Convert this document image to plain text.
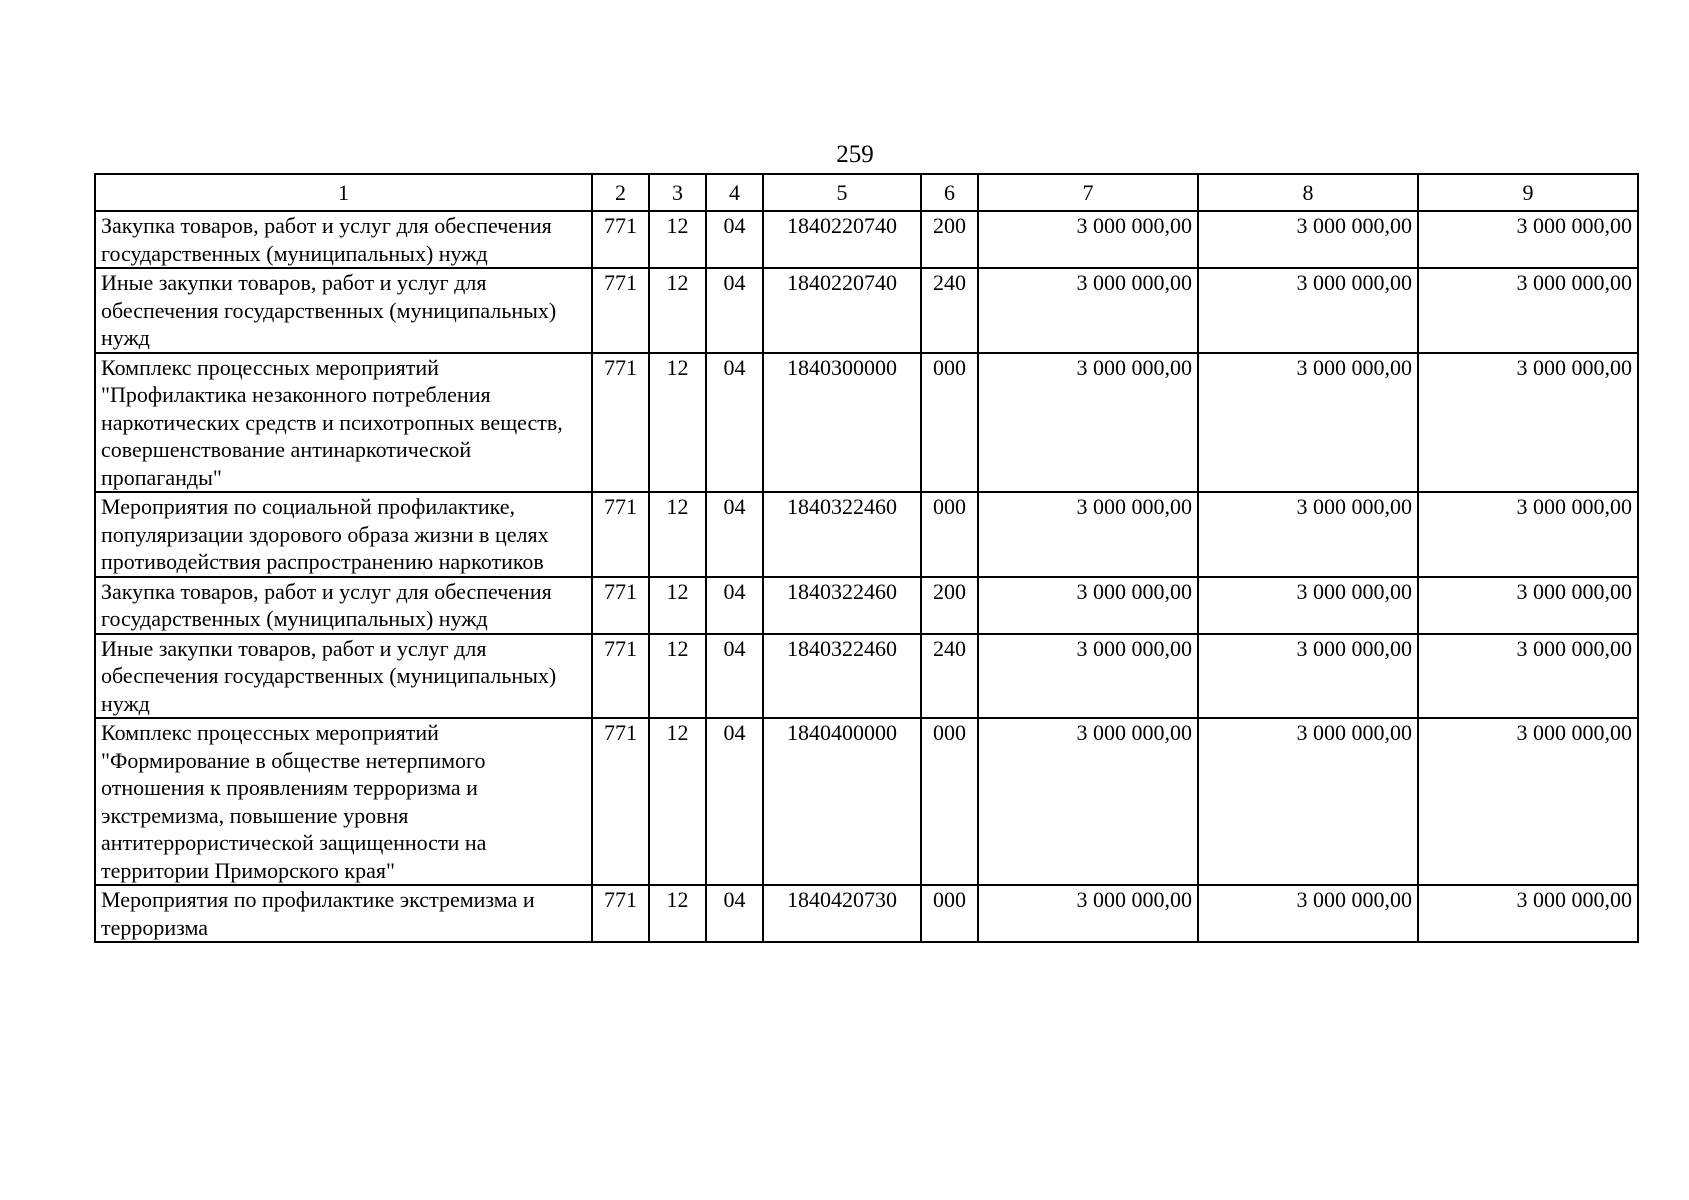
259
1	2	3	4	5	6	7	8	9
Закупка товаров, работ и услуг для обеспечения государственных (муниципальных) нужд	771	12	04	1840220740	200	3 000 000,00	3 000 000,00	3 000 000,00
Иные закупки товаров, работ и услуг для обеспечения государственных (муниципальных) нужд	771	12	04	1840220740	240	3 000 000,00	3 000 000,00	3 000 000,00
Комплекс процессных мероприятий "Профилактика незаконного потребления наркотических средств и психотропных веществ, совершенствование антинаркотической пропаганды"	771	12	04	1840300000	000	3 000 000,00	3 000 000,00	3 000 000,00
Мероприятия по социальной профилактике, популяризации здорового образа жизни в целях противодействия распространению наркотиков	771	12	04	1840322460	000	3 000 000,00	3 000 000,00	3 000 000,00
Закупка товаров, работ и услуг для обеспечения государственных (муниципальных) нужд	771	12	04	1840322460	200	3 000 000,00	3 000 000,00	3 000 000,00
Иные закупки товаров, работ и услуг для обеспечения государственных (муниципальных) нужд	771	12	04	1840322460	240	3 000 000,00	3 000 000,00	3 000 000,00
Комплекс процессных мероприятий "Формирование в обществе нетерпимого отношения к проявлениям терроризма и экстремизма, повышение уровня антитеррористической защищенности на территории Приморского края"	771	12	04	1840400000	000	3 000 000,00	3 000 000,00	3 000 000,00
Мероприятия по профилактике экстремизма и терроризма	771	12	04	1840420730	000	3 000 000,00	3 000 000,00	3 000 000,00
